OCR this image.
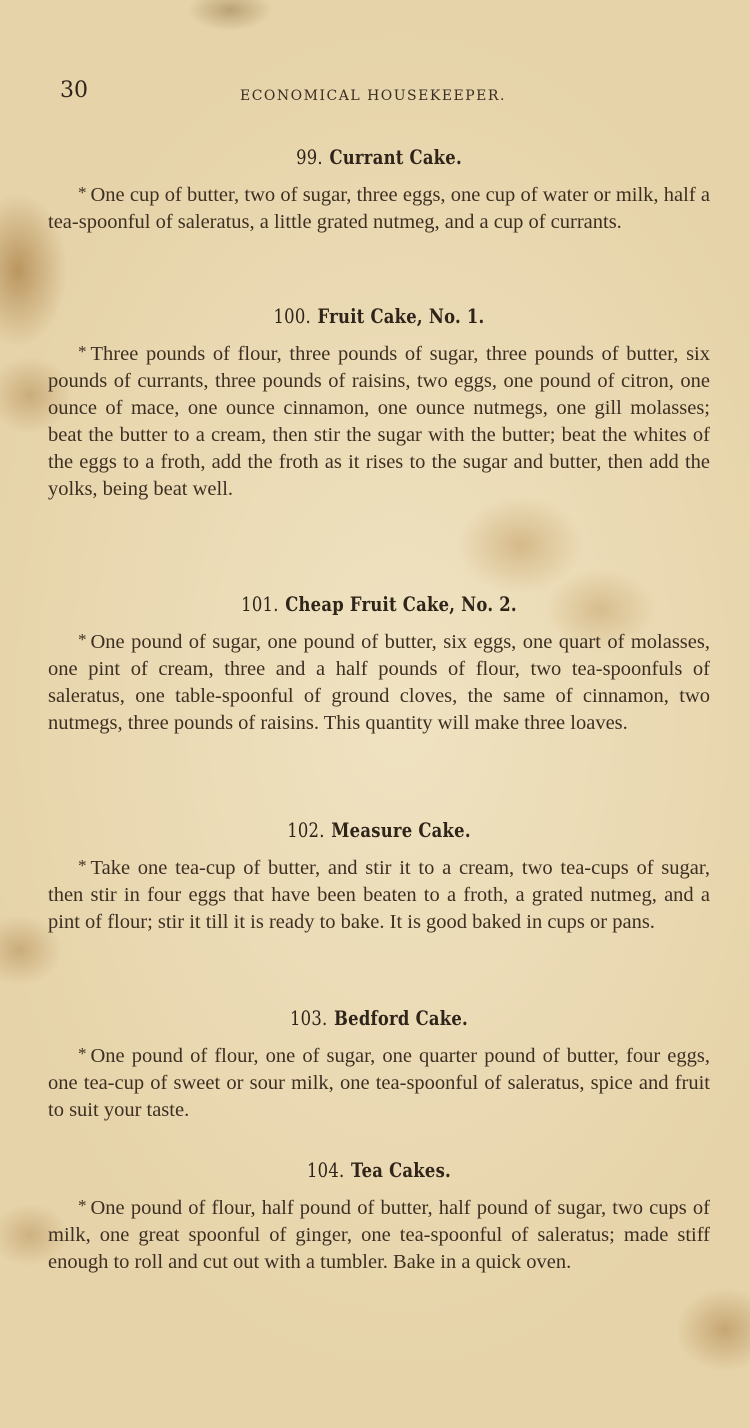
30	ECONOMICAL HOUSEKEEPER.
99. Currant Cake.

* One cup of butter, two of sugar, three eggs, one cup of water or milk, half a tea-spoonful of saleratus, a little grated nutmeg, and a cup of currants.

100. Fruit Cake, No. 1.

* Three pounds of flour, three pounds of sugar, three pounds of butter, six pounds of currants, three pounds of raisins, two eggs, one pound of citron, one ounce of mace, one ounce cinnamon, one ounce nutmegs, one gill molasses; beat the butter to a cream, then stir the sugar with the butter; beat the whites of the eggs to a froth, add the froth as it rises to the sugar and butter, then add the yolks, being beat well.

101. Cheap Fruit Cake, No. 2.

* One pound of sugar, one pound of butter, six eggs, one quart of molasses, one pint of cream, three and a half pounds of flour, two tea-spoonfuls of saleratus, one table-spoonful of ground cloves, the same of cinnamon, two nutmegs, three pounds of raisins. This quantity will make three loaves.

102. Measure Cake.

* Take one tea-cup of butter, and stir it to a cream, two tea-cups of sugar, then stir in four eggs that have been beaten to a froth, a grated nutmeg, and a pint of flour; stir it till it is ready to bake. It is good baked in cups or pans.

103. Bedford Cake.

* One pound of flour, one of sugar, one quarter pound of butter, four eggs, one tea-cup of sweet or sour milk, one tea-spoonful of saleratus, spice and fruit to suit your taste.

104. Tea Cakes.

* One pound of flour, half pound of butter, half pound of sugar, two cups of milk, one great spoonful of ginger, one tea-spoonful of saleratus; made stiff enough to roll and cut out with a tumbler. Bake in a quick oven.
